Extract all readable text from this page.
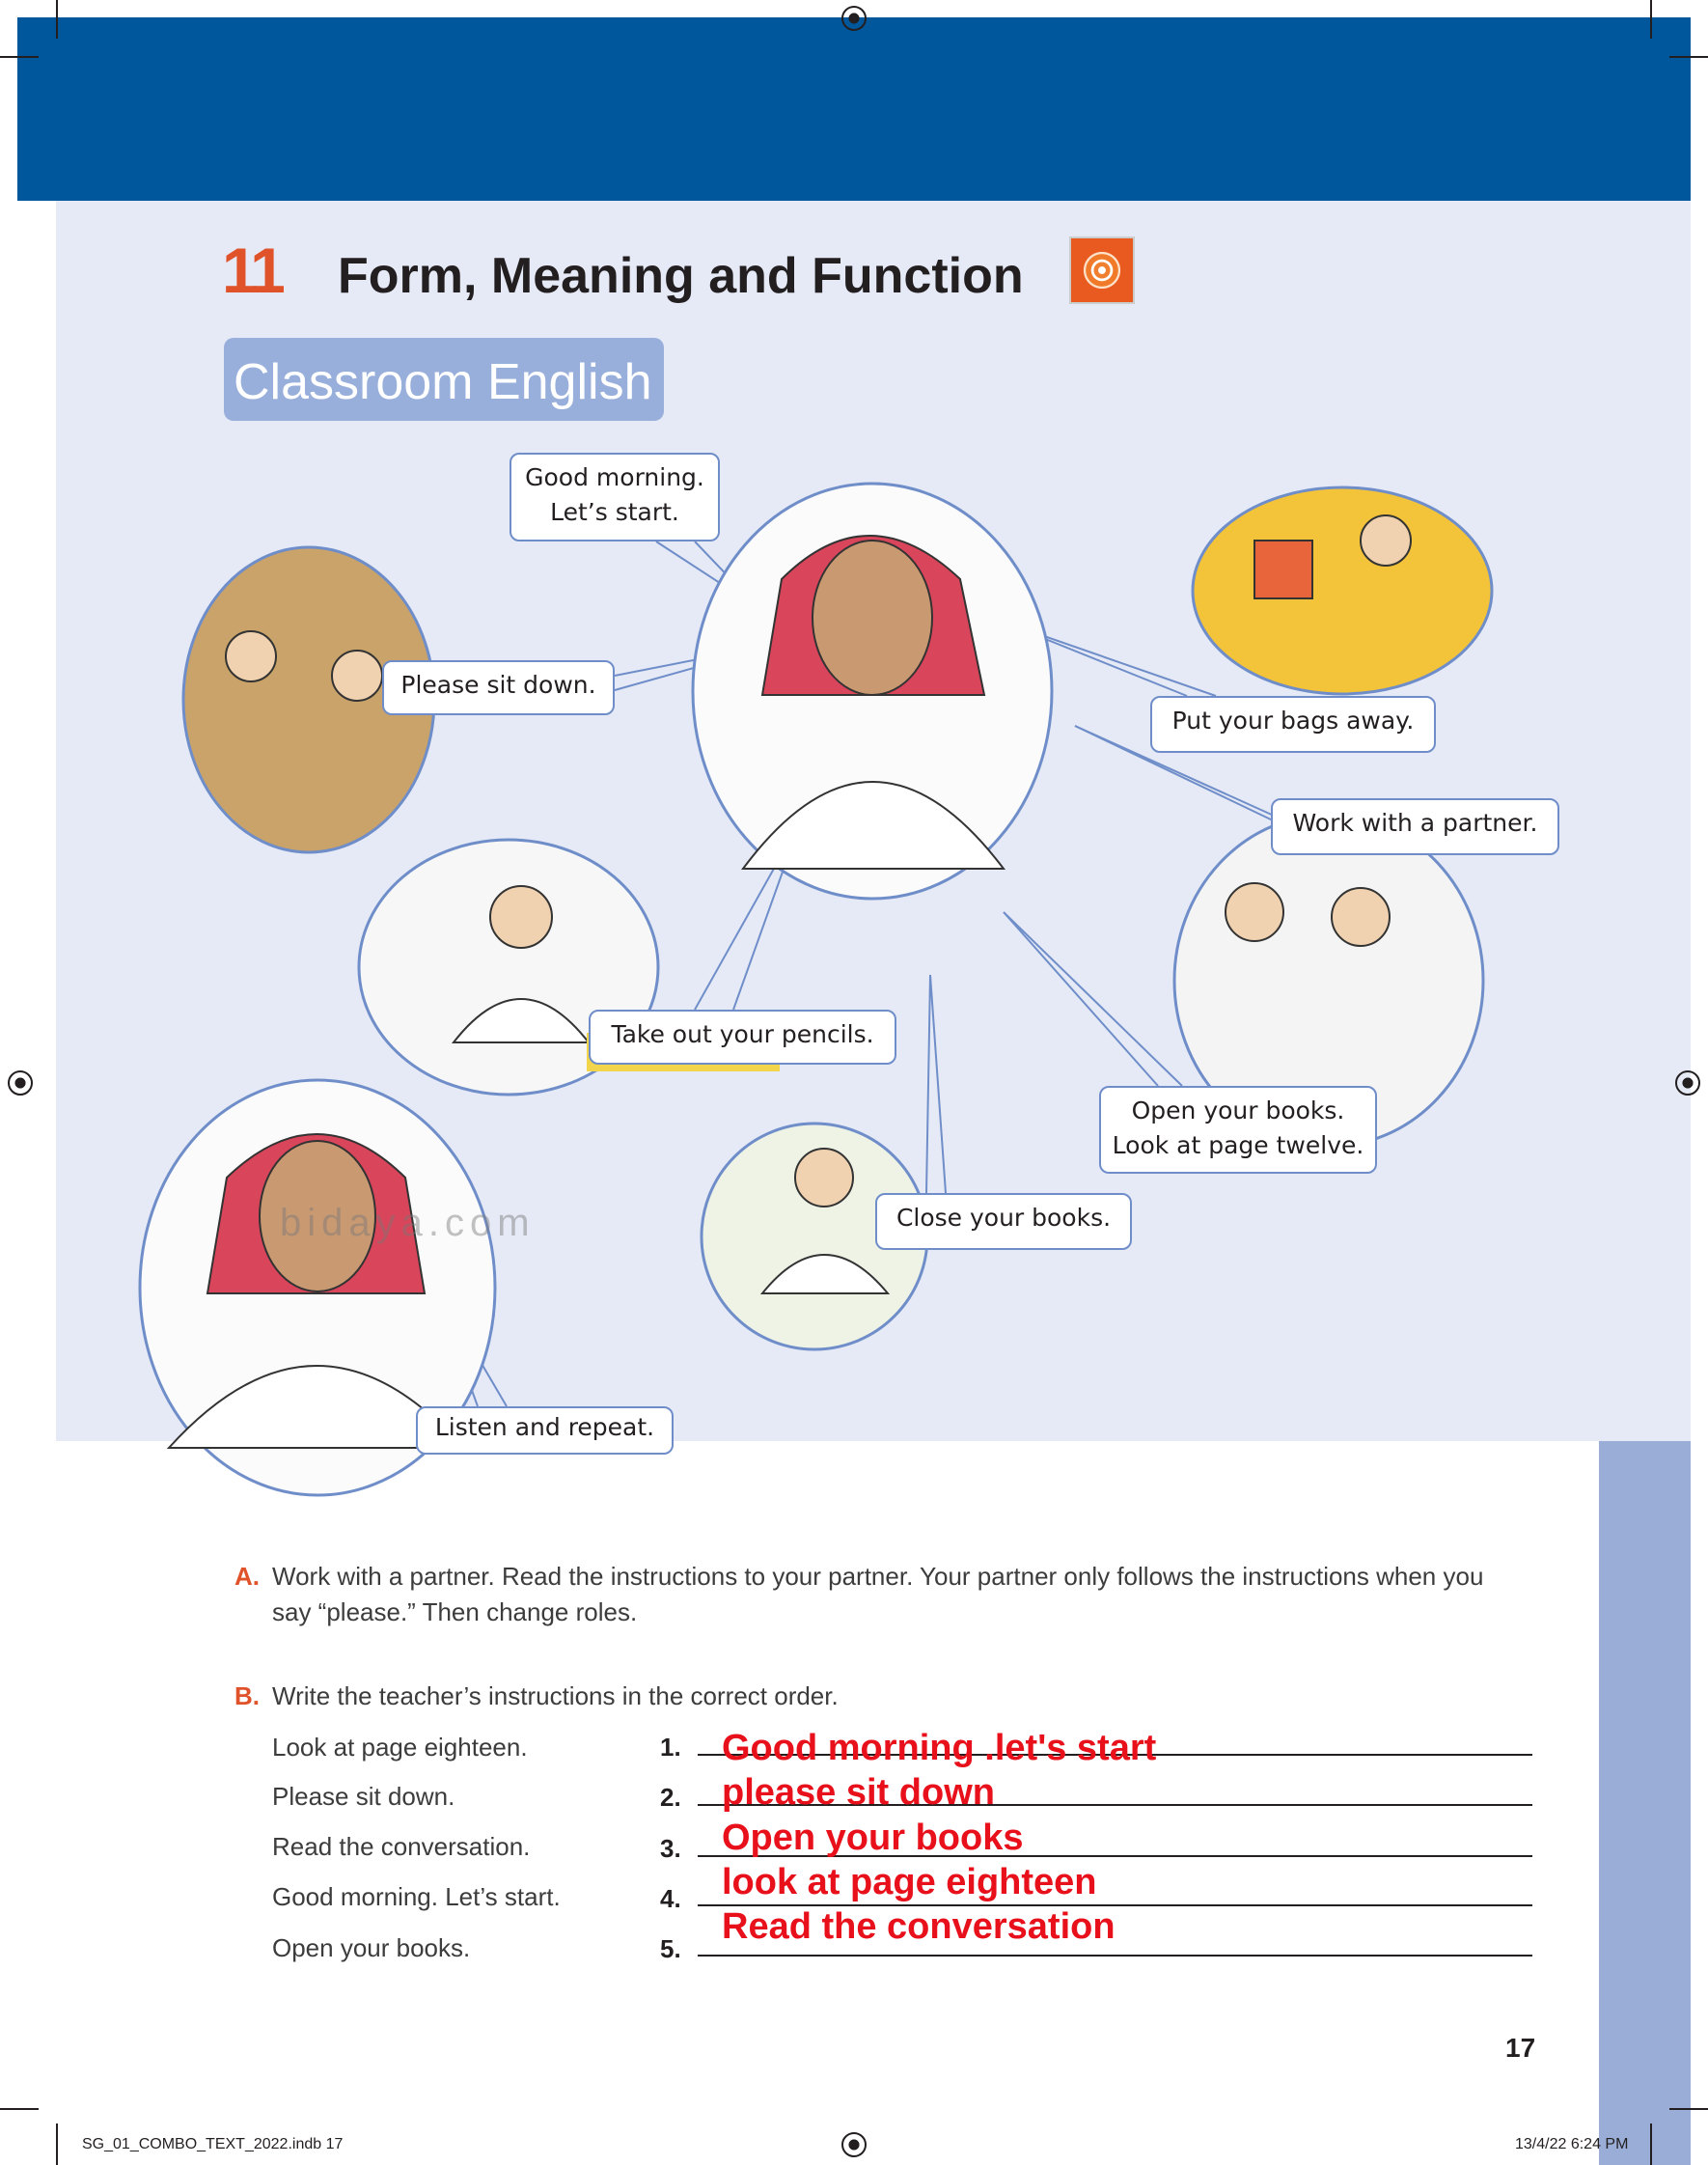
11 Form, Meaning and Function
Classroom English
bidaya.com
Good morning.
Let’s start.
Please sit down.
Put your bags away.
Work with a partner.
Take out your pencils.
Open your books.
Look at page twelve.
Close your books.
Listen and repeat.
A. Work with a partner. Read the instructions to your partner. Your partner only follows the instructions when you
say “please.” Then change roles.
B. Write the teacher’s instructions in the correct order.
Look at page eighteen.
Please sit down.
Read the conversation.
Good morning. Let’s start.
Open your books.
1.
2.
3.
4.
5.
Good morning .let's start
please sit down
Open your books
look at page eighteen
Read the conversation
17
SG_01_COMBO_TEXT_2022.indb 17	13/4/22 6:24 PM
